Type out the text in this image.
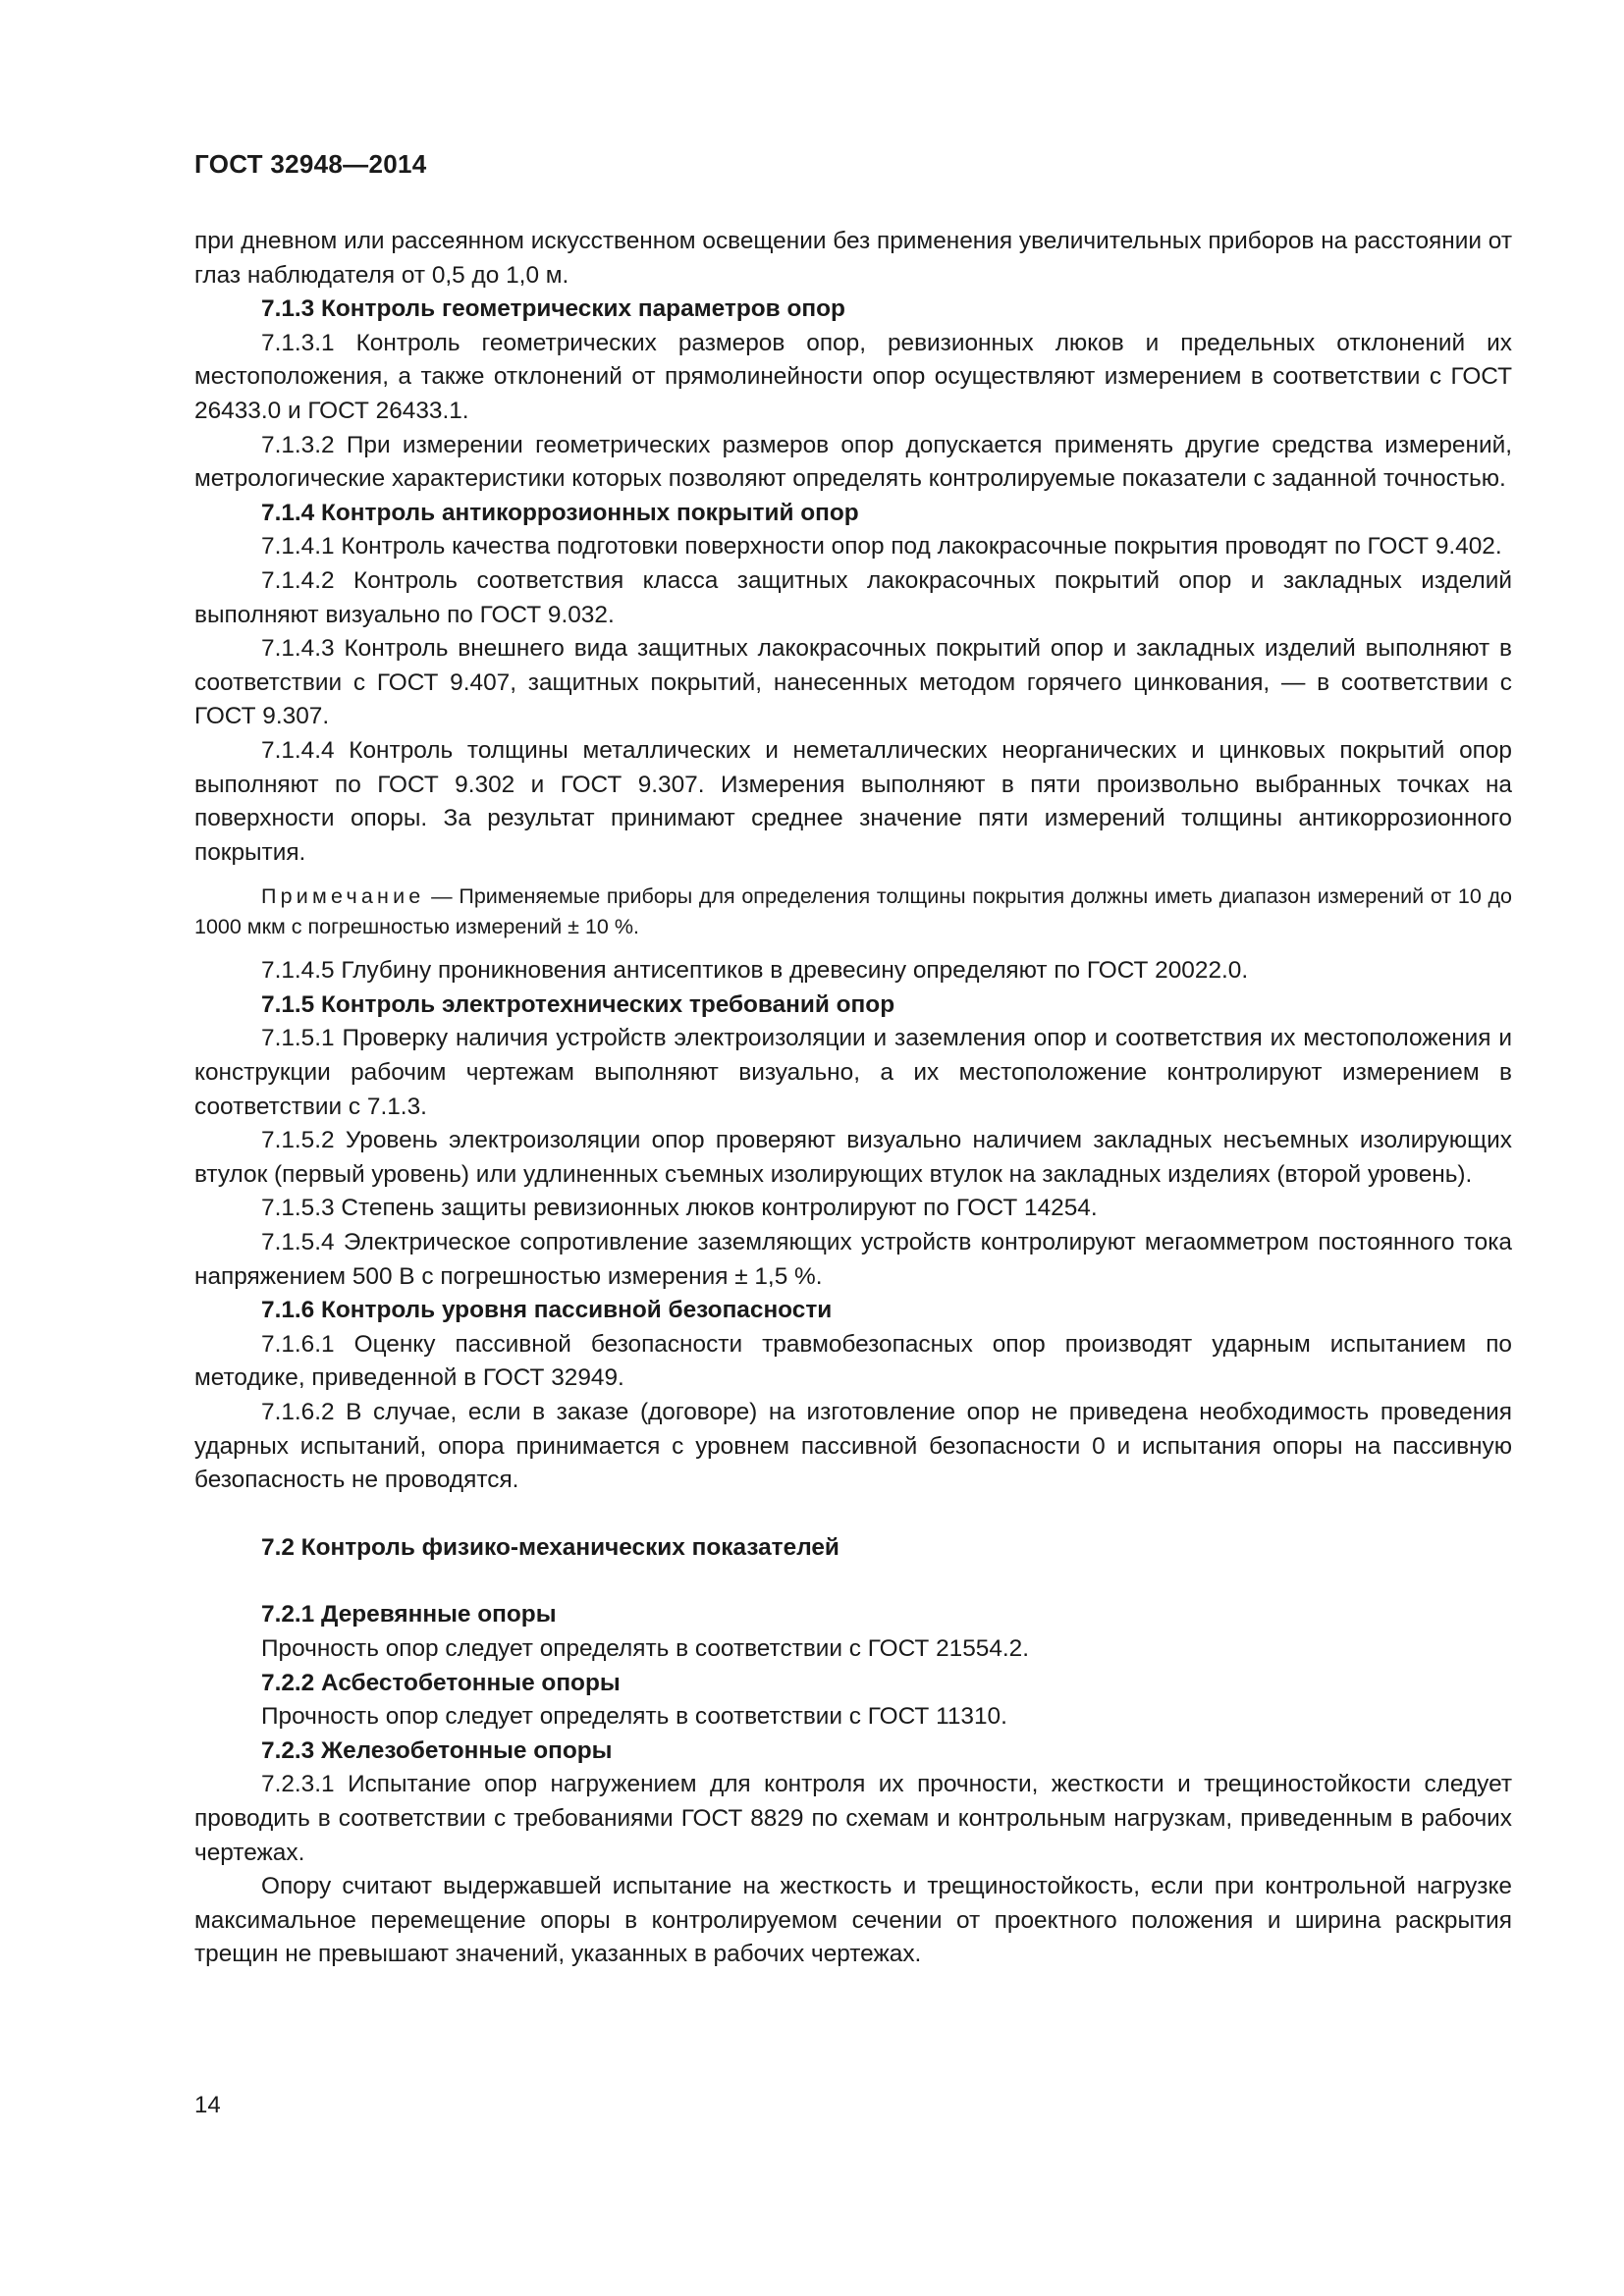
ГОСТ 32948—2014

при дневном или рассеянном искусственном освещении без применения увеличительных приборов на расстоянии от глаз наблюдателя от 0,5 до 1,0 м.

7.1.3 Контроль геометрических параметров опор

7.1.3.1 Контроль геометрических размеров опор, ревизионных люков и предельных отклонений их местоположения, а также отклонений от прямолинейности опор осуществляют измерением в соответствии с ГОСТ 26433.0 и ГОСТ 26433.1.

7.1.3.2 При измерении геометрических размеров опор допускается применять другие средства измерений, метрологические характеристики которых позволяют определять контролируемые показатели с заданной точностью.

7.1.4 Контроль антикоррозионных покрытий опор

7.1.4.1 Контроль качества подготовки поверхности опор под лакокрасочные покрытия проводят по ГОСТ 9.402.

7.1.4.2 Контроль соответствия класса защитных лакокрасочных покрытий опор и закладных изделий выполняют визуально по ГОСТ 9.032.

7.1.4.3 Контроль внешнего вида защитных лакокрасочных покрытий опор и закладных изделий выполняют в соответствии с ГОСТ 9.407, защитных покрытий, нанесенных методом горячего цинкования, — в соответствии с ГОСТ 9.307.

7.1.4.4 Контроль толщины металлических и неметаллических неорганических и цинковых покрытий опор выполняют по ГОСТ 9.302 и ГОСТ 9.307. Измерения выполняют в пяти произвольно выбранных точках на поверхности опоры. За результат принимают среднее значение пяти измерений толщины антикоррозионного покрытия.

Примечание — Применяемые приборы для определения толщины покрытия должны иметь диапазон измерений от 10 до 1000 мкм с погрешностью измерений ± 10 %.

7.1.4.5 Глубину проникновения антисептиков в древесину определяют по ГОСТ 20022.0.

7.1.5 Контроль электротехнических требований опор

7.1.5.1 Проверку наличия устройств электроизоляции и заземления опор и соответствия их местоположения и конструкции рабочим чертежам выполняют визуально, а их местоположение контролируют измерением в соответствии с 7.1.3.

7.1.5.2 Уровень электроизоляции опор проверяют визуально наличием закладных несъемных изолирующих втулок (первый уровень) или удлиненных съемных изолирующих втулок на закладных изделиях (второй уровень).

7.1.5.3 Степень защиты ревизионных люков контролируют по ГОСТ 14254.

7.1.5.4 Электрическое сопротивление заземляющих устройств контролируют мегаомметром постоянного тока напряжением 500 В с погрешностью измерения ± 1,5 %.

7.1.6 Контроль уровня пассивной безопасности

7.1.6.1 Оценку пассивной безопасности травмобезопасных опор производят ударным испытанием по методике, приведенной в ГОСТ 32949.

7.1.6.2 В случае, если в заказе (договоре) на изготовление опор не приведена необходимость проведения ударных испытаний, опора принимается с уровнем пассивной безопасности 0 и испытания опоры на пассивную безопасность не проводятся.

7.2 Контроль физико-механических показателей

7.2.1 Деревянные опоры

Прочность опор следует определять в соответствии с ГОСТ 21554.2.

7.2.2 Асбестобетонные опоры

Прочность опор следует определять в соответствии с ГОСТ 11310.

7.2.3 Железобетонные опоры

7.2.3.1 Испытание опор нагружением для контроля их прочности, жесткости и трещиностойкости следует проводить в соответствии с требованиями ГОСТ 8829 по схемам и контрольным нагрузкам, приведенным в рабочих чертежах.

Опору считают выдержавшей испытание на жесткость и трещиностойкость, если при контрольной нагрузке максимальное перемещение опоры в контролируемом сечении от проектного положения и ширина раскрытия трещин не превышают значений, указанных в рабочих чертежах.

14
